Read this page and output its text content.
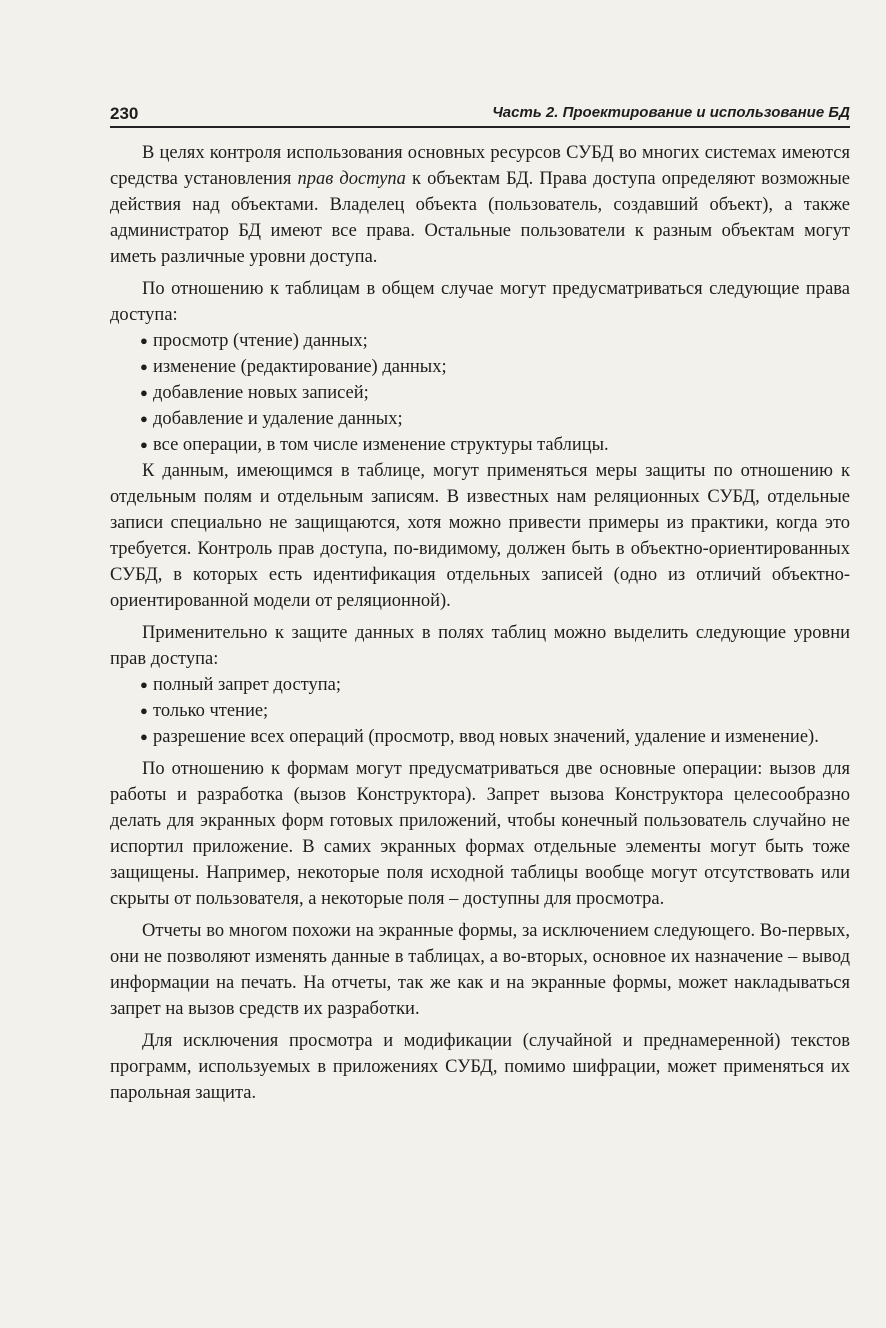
230	Часть 2. Проектирование и использование БД

В целях контроля использования основных ресурсов СУБД во многих системах имеются средства установления прав доступа к объектам БД. Права доступа определяют возможные действия над объектами. Владелец объекта (пользователь, создавший объект), а также администратор БД имеют все права. Остальные пользователи к разным объектам могут иметь различные уровни доступа.

По отношению к таблицам в общем случае могут предусматриваться следующие права доступа:

● просмотр (чтение) данных;
● изменение (редактирование) данных;
● добавление новых записей;
● добавление и удаление данных;
● все операции, в том числе изменение структуры таблицы.

К данным, имеющимся в таблице, могут применяться меры защиты по отношению к отдельным полям и отдельным записям. В известных нам реляционных СУБД, отдельные записи специально не защищаются, хотя можно привести примеры из практики, когда это требуется. Контроль прав доступа, по-видимому, должен быть в объектно-ориентированных СУБД, в которых есть идентификация отдельных записей (одно из отличий объектно-ориентированной модели от реляционной).

Применительно к защите данных в полях таблиц можно выделить следующие уровни прав доступа:

● полный запрет доступа;
● только чтение;
● разрешение всех операций (просмотр, ввод новых значений, удаление и изменение).

По отношению к формам могут предусматриваться две основные операции: вызов для работы и разработка (вызов Конструктора). Запрет вызова Конструктора целесообразно делать для экранных форм готовых приложений, чтобы конечный пользователь случайно не испортил приложение. В самих экранных формах отдельные элементы могут быть тоже защищены. Например, некоторые поля исходной таблицы вообще могут отсутствовать или скрыты от пользователя, а некоторые поля – доступны для просмотра.

Отчеты во многом похожи на экранные формы, за исключением следующего. Во-первых, они не позволяют изменять данные в таблицах, а во-вторых, основное их назначение – вывод информации на печать. На отчеты, так же как и на экранные формы, может накладываться запрет на вызов средств их разработки.

Для исключения просмотра и модификации (случайной и преднамеренной) текстов программ, используемых в приложениях СУБД, помимо шифрации, может применяться их парольная защита.
